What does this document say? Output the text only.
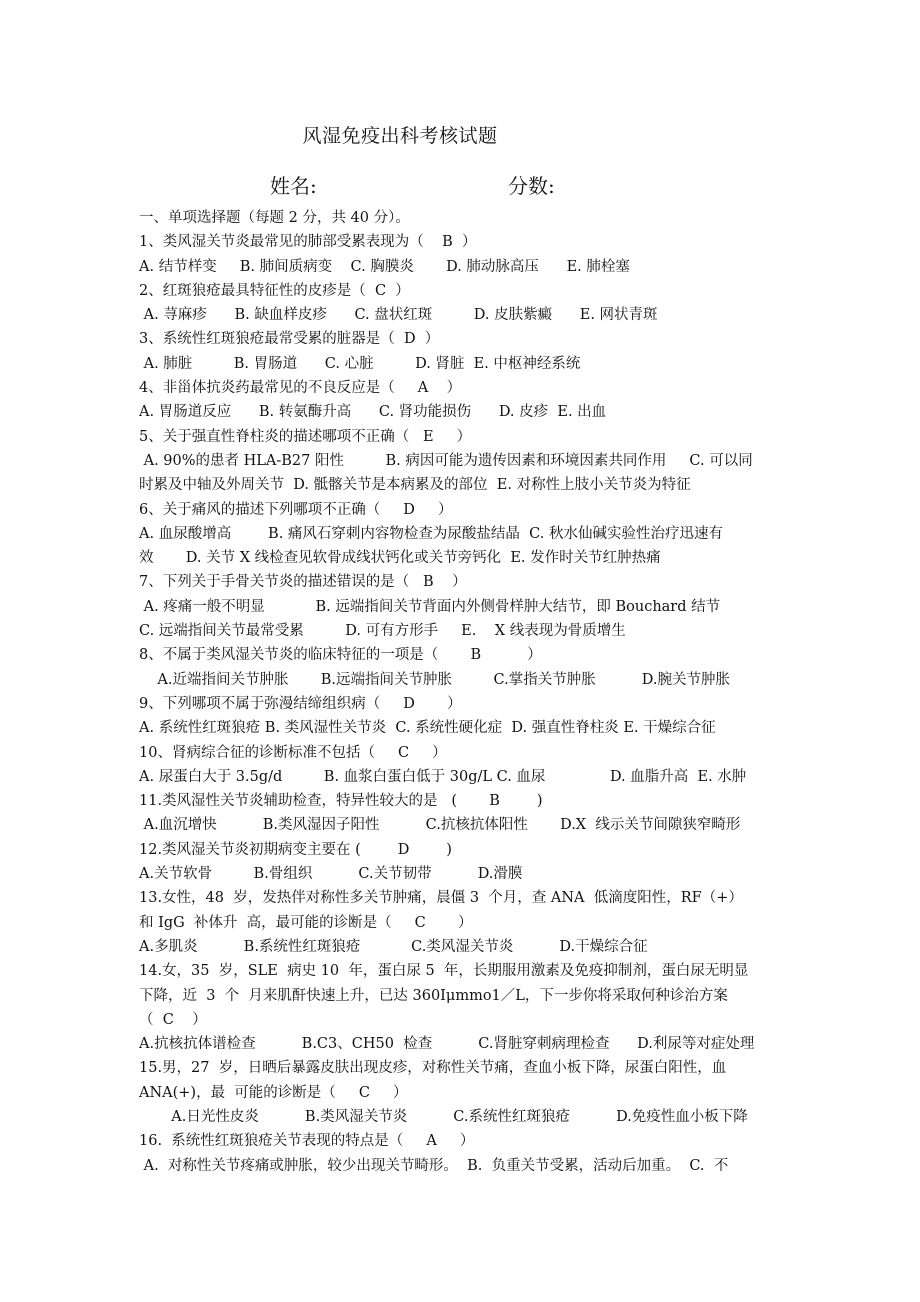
风湿免疫出科考核试题
姓名:	分数:
一、单项选择题（每题 2 分，共 40 分）。
1、类风湿关节炎最常见的肺部受累表现为（    B  ）
A. 结节样变     B. 肺间质病变    C. 胸膜炎       D. 肺动脉高压      E. 肺栓塞
2、红斑狼疮最具特征性的皮疹是（  C  ）
A. 荨麻疹      B. 缺血样皮疹      C. 盘状红斑         D. 皮肤紫癜      E. 网状青斑
3、系统性红斑狼疮最常受累的脏器是（  D  ）
A. 肺脏         B. 胃肠道      C. 心脏         D. 肾脏  E. 中枢神经系统
4、非甾体抗炎药最常见的不良反应是（     A    ）
A. 胃肠道反应      B. 转氨酶升高      C. 肾功能损伤      D. 皮疹  E. 出血
5、关于强直性脊柱炎的描述哪项不正确（   E     ）
A. 90%的患者 HLA-B27 阳性         B. 病因可能为遗传因素和环境因素共同作用     C. 可以同
时累及中轴及外周关节  D. 骶髂关节是本病累及的部位  E. 对称性上肢小关节炎为特征
6、关于痛风的描述下列哪项不正确（     D     ）
A. 血尿酸增高        B. 痛风石穿刺内容物检查为尿酸盐结晶  C. 秋水仙碱实验性治疗迅速有
效       D. 关节 X 线检查见软骨成线状钙化或关节旁钙化  E. 发作时关节红肿热痛
7、下列关于手骨关节炎的描述错误的是（   B    ）
A. 疼痛一般不明显           B. 远端指间关节背面内外侧骨样肿大结节，即 Bouchard 结节
C. 远端指间关节最常受累         D. 可有方形手     E.    X 线表现为骨质增生
8、不属于类风湿关节炎的临床特征的一项是（       B          ）
A.近端指间关节肿胀       B.远端指间关节肿胀         C.掌指关节肿胀          D.腕关节肿胀
9、下列哪项不属于弥漫结缔组织病（     D       ）
A. 系统性红斑狼疮 B. 类风湿性关节炎  C. 系统性硬化症  D. 强直性脊柱炎 E. 干燥综合征
10、肾病综合征的诊断标准不包括（     C     ）
A. 尿蛋白大于 3.5g/d         B. 血浆白蛋白低于 30g/L C. 血尿              D. 血脂升高  E. 水肿
11.类风湿性关节炎辅助检查，特异性较大的是   (       B        )
A.血沉增快          B.类风湿因子阳性          C.抗核抗体阳性       D.X  线示关节间隙狭窄畸形
12.类风湿关节炎初期病变主要在 (        D        )
A.关节软骨         B.骨组织          C.关节韧带          D.滑膜
13.女性，48  岁，发热伴对称性多关节肿痛，晨僵 3  个月，查 ANA  低滴度阳性，RF（+）
和 IgG  补体升  高，最可能的诊断是（     C       ）
A.多肌炎          B.系统性红斑狼疮           C.类风湿关节炎          D.干燥综合征
14.女，35  岁，SLE  病史 10  年，蛋白尿 5  年，长期服用激素及免疫抑制剂，蛋白尿无明显
下降，近  3  个  月来肌酐快速上升，已达 360Iμmmo1／L，下一步你将采取何种诊治方案
（  C    ）
A.抗核抗体谱检查          B.C3、CH50  检查          C.肾脏穿刺病理检查      D.利尿等对症处理
15.男，27  岁，日晒后暴露皮肤出现皮疹，对称性关节痛，查血小板下降，尿蛋白阳性，血
ANA(+)，最  可能的诊断是（     C     ）
A.日光性皮炎          B.类风湿关节炎          C.系统性红斑狼疮          D.免疫性血小板下降
16.  系统性红斑狼疮关节表现的特点是（     A     ）
A.  对称性关节疼痛或肿胀，较少出现关节畸形。  B.  负重关节受累，活动后加重。  C.  不
